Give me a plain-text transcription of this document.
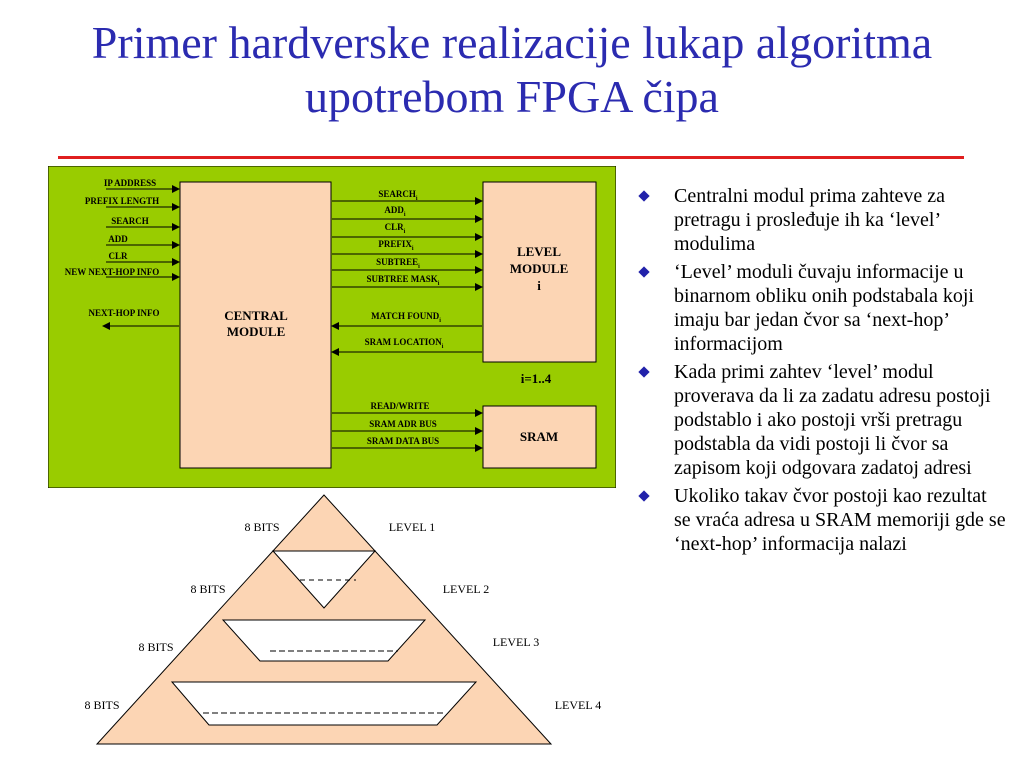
Primer hardverske realizacije lukap algoritma upotrebom FPGA čipa
CENTRAL
MODULE
LEVEL
MODULE
i
i=1..4
SRAM
IP ADDRESS
PREFIX LENGTH
SEARCH
ADD
CLR
NEW NEXT-HOP INFO
NEXT-HOP INFO
$SEARCH_i$
$ADD_i$
$CLR_i$
$PREFIX_i$
$SUBTREE_i$
SUBTREE $MASK_i$
MATCH $FOUND_i$
SRAM $LOCATION_i$
READ/WRITE
SRAM ADR BUS
SRAM DATA BUS
8 BITS
8 BITS
8 BITS
8 BITS
LEVEL 1
LEVEL 2
LEVEL 3
LEVEL 4
Centralni modul prima zahteve za pretragu i prosleđuje ih ka ‘level’ modulima
‘Level’ moduli čuvaju informacije u binarnom obliku onih podstabala koji imaju bar jedan čvor sa ‘next-hop’ informacijom
Kada primi zahtev ‘level’ modul proverava da li za zadatu adresu postoji podstablo i ako postoji vrši pretragu podstabla da vidi postoji li čvor sa zapisom koji odgovara zadatoj adresi
Ukoliko takav čvor postoji kao rezultat se vraća adresa u SRAM memoriji gde se ‘next-hop’ informacija nalazi
